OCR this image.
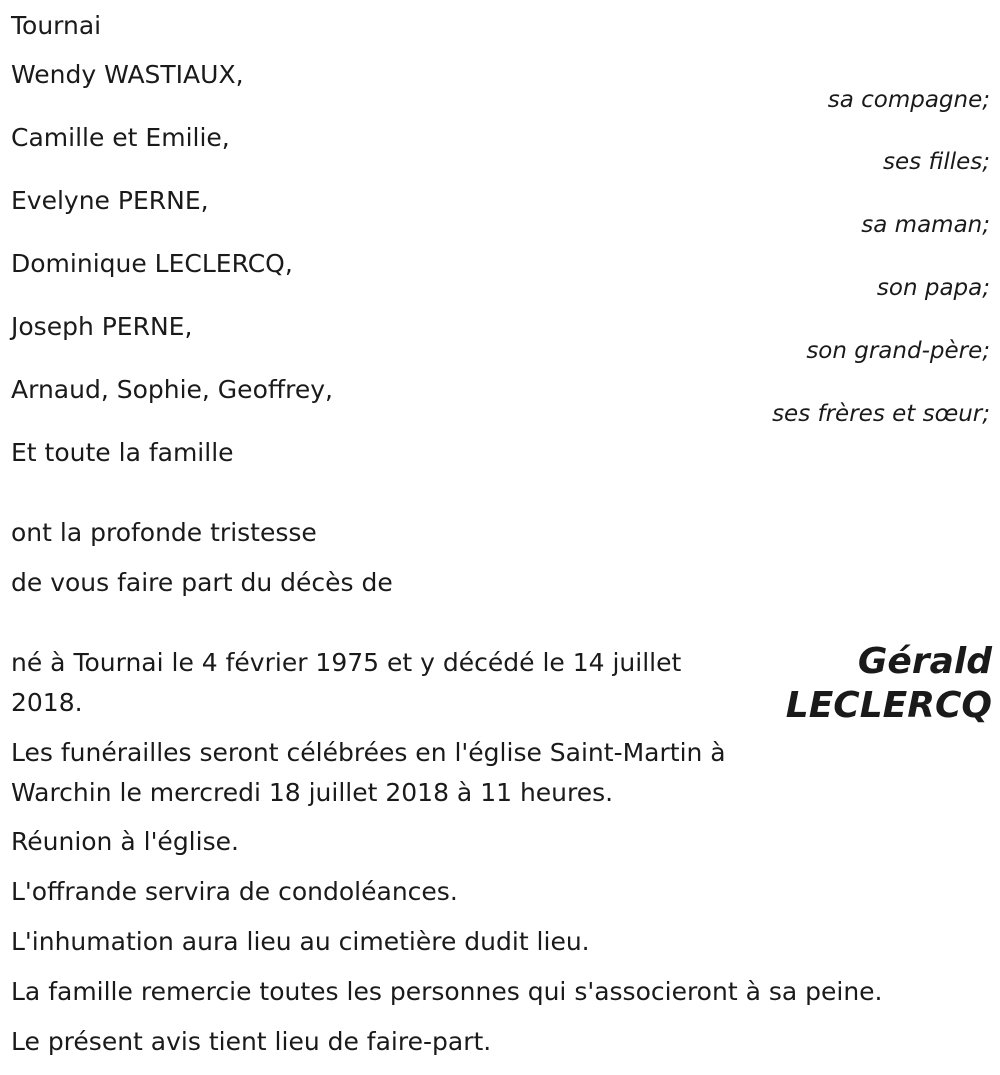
Tournai
Wendy WASTIAUX,
sa compagne;
Camille et Emilie,
ses filles;
Evelyne PERNE,
sa maman;
Dominique LECLERCQ,
son papa;
Joseph PERNE,
son grand-père;
Arnaud, Sophie, Geoffrey,
ses frères et sœur;
Et toute la famille
ont la profonde tristesse
de vous faire part du décès de
Gérald
LECLERCQ
né à Tournai le 4 février 1975 et y décédé le 14 juillet 2018.
Les funérailles seront célébrées en l'église Saint-Martin à Warchin le mercredi 18 juillet 2018 à 11 heures.
Réunion à l'église.
L'offrande servira de condoléances.
L'inhumation aura lieu au cimetière dudit lieu.
La famille remercie toutes les personnes qui s'associeront à sa peine.
Le présent avis tient lieu de faire-part.
